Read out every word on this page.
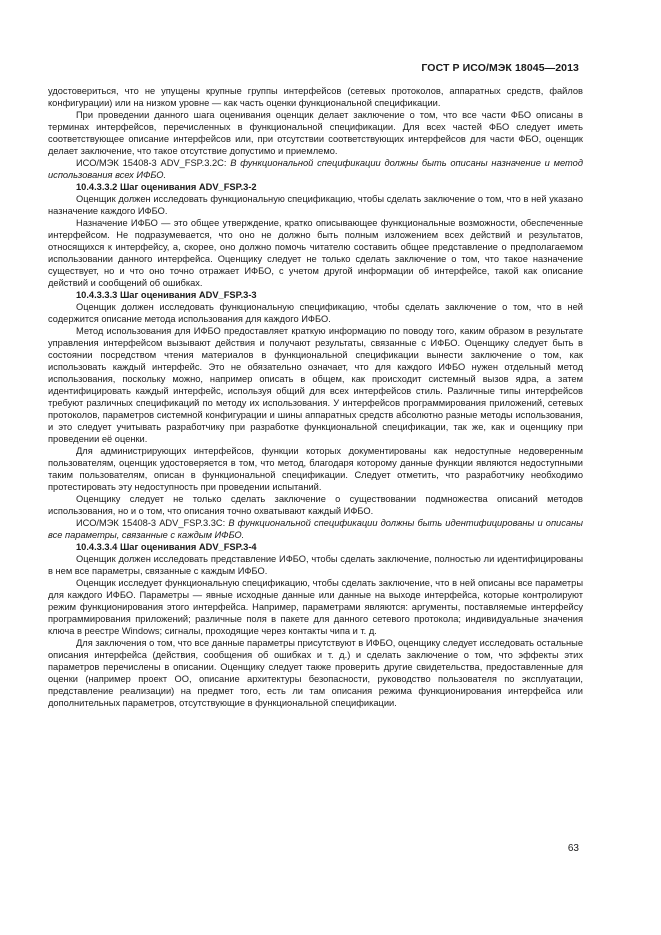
ГОСТ Р ИСО/МЭК 18045—2013

удостовериться, что не упущены крупные группы интерфейсов (сетевых протоколов, аппаратных средств, файлов конфигурации) или на низком уровне — как часть оценки функциональной спецификации.

При проведении данного шага оценивания оценщик делает заключение о том, что все части ФБО описаны в терминах интерфейсов, перечисленных в функциональной спецификации. Для всех частей ФБО следует иметь соответствующее описание интерфейсов или, при отсутствии соответствующих интерфейсов для части ФБО, оценщик делает заключение, что такое отсутствие допустимо и приемлемо.

ИСО/МЭК 15408-3 ADV_FSP.3.2C: В функциональной спецификации должны быть описаны назначение и метод использования всех ИФБО.

10.4.3.3.2 Шаг оценивания ADV_FSP.3-2

Оценщик должен исследовать функциональную спецификацию, чтобы сделать заключение о том, что в ней указано назначение каждого ИФБО.

Назначение ИФБО — это общее утверждение, кратко описывающее функциональные возможности, обеспеченные интерфейсом. Не подразумевается, что оно не должно быть полным изложением всех действий и результатов, относящихся к интерфейсу, а, скорее, оно должно помочь читателю составить общее представление о предполагаемом использовании данного интерфейса. Оценщику следует не только сделать заключение о том, что такое назначение существует, но и что оно точно отражает ИФБО, с учетом другой информации об интерфейсе, такой как описание действий и сообщений об ошибках.

10.4.3.3.3 Шаг оценивания ADV_FSP.3-3

Оценщик должен исследовать функциональную спецификацию, чтобы сделать заключение о том, что в ней содержится описание метода использования для каждого ИФБО.

Метод использования для ИФБО предоставляет краткую информацию по поводу того, каким образом в результате управления интерфейсом вызывают действия и получают результаты, связанные с ИФБО. Оценщику следует быть в состоянии посредством чтения материалов в функциональной спецификации вынести заключение о том, как использовать каждый интерфейс. Это не обязательно означает, что для каждого ИФБО нужен отдельный метод использования, поскольку можно, например описать в общем, как происходит системный вызов ядра, а затем идентифицировать каждый интерфейс, используя общий для всех интерфейсов стиль. Различные типы интерфейсов требуют различных спецификаций по методу их использования. У интерфейсов программирования приложений, сетевых протоколов, параметров системной конфигурации и шины аппаратных средств абсолютно разные методы использования, и это следует учитывать разработчику при разработке функциональной спецификации, так же, как и оценщику при проведении её оценки.

Для администрирующих интерфейсов, функции которых документированы как недоступные недоверенным пользователям, оценщик удостоверяется в том, что метод, благодаря которому данные функции являются недоступными таким пользователям, описан в функциональной спецификации. Следует отметить, что разработчику необходимо протестировать эту недоступность при проведении испытаний.

Оценщику следует не только сделать заключение о существовании подмножества описаний методов использования, но и о том, что описания точно охватывают каждый ИФБО.

ИСО/МЭК 15408-3 ADV_FSP.3.3C: В функциональной спецификации должны быть идентифицированы и описаны все параметры, связанные с каждым ИФБО.

10.4.3.3.4 Шаг оценивания ADV_FSP.3-4

Оценщик должен исследовать представление ИФБО, чтобы сделать заключение, полностью ли идентифицированы в нем все параметры, связанные с каждым ИФБО.

Оценщик исследует функциональную спецификацию, чтобы сделать заключение, что в ней описаны все параметры для каждого ИФБО. Параметры — явные исходные данные или данные на выходе интерфейса, которые контролируют режим функционирования этого интерфейса. Например, параметрами являются: аргументы, поставляемые интерфейсу программирования приложений; различные поля в пакете для данного сетевого протокола; индивидуальные значения ключа в реестре Windows; сигналы, проходящие через контакты чипа и т. д.

Для заключения о том, что все данные параметры присутствуют в ИФБО, оценщику следует исследовать остальные описания интерфейса (действия, сообщения об ошибках и т. д.) и сделать заключение о том, что эффекты этих параметров перечислены в описании. Оценщику следует также проверить другие свидетельства, предоставленные для оценки (например проект ОО, описание архитектуры безопасности, руководство пользователя по эксплуатации, представление реализации) на предмет того, есть ли там описания режима функционирования интерфейса или дополнительных параметров, отсутствующие в функциональной спецификации.

63
